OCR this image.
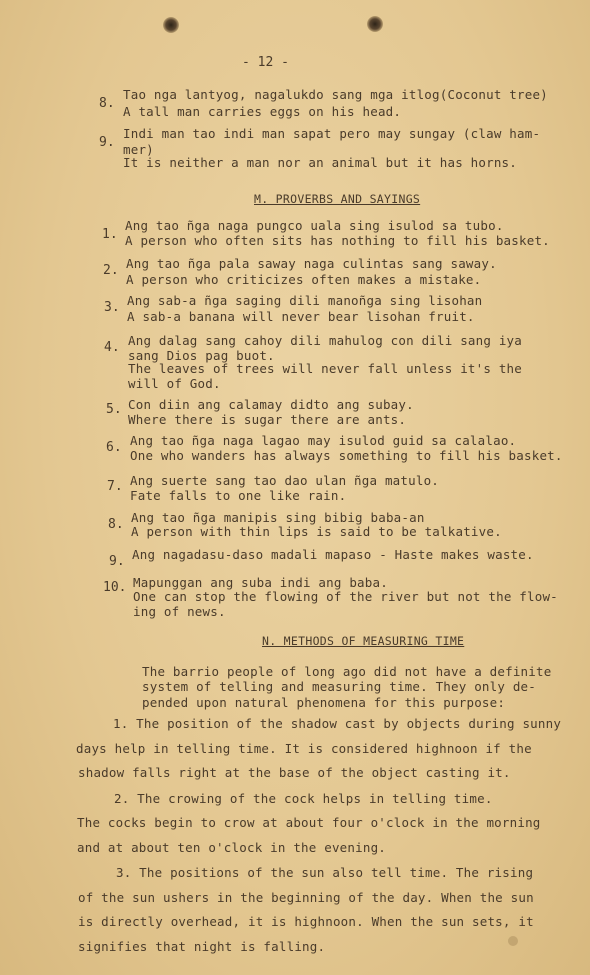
- 12 -
8.
Tao nga lantyog, nagalukdo sang mga itlog(Coconut tree)
A tall man carries eggs on his head.
9.
Indi man tao indi man sapat pero may sungay (claw ham-
mer)
It is neither a man nor an animal but it has horns.
M. PROVERBS AND SAYINGS
1.
Ang tao ñga naga pungco uala sing isulod sa tubo.
A person who often sits has nothing to fill his basket.
2. Ang tao ñga pala saway naga culintas sang saway.
A person who criticizes often makes a mistake.
3. Ang sab-a ñga saging dili manoñga sing lisohan
A sab-a banana will never bear lisohan fruit.
4. Ang dalag sang cahoy dili mahulog con dili sang iya
sang Dios pag buot.
The leaves of trees will never fall unless it's the
will of God.
5. Con diin ang calamay didto ang subay.
Where there is sugar there are ants.
6. Ang tao ñga naga lagao may isulod guid sa calalao.
One who wanders has always something to fill his basket.
7. Ang suerte sang tao dao ulan ñga matulo.
Fate falls to one like rain.
8. Ang tao ñga manipis sing bibig baba-an
A person with thin lips is said to be talkative.
9. Ang nagadasu-daso madali mapaso - Haste makes waste.
10. Mapunggan ang suba indi ang baba.
One can stop the flowing of the river but not the flow-
ing of news.
N. METHODS OF MEASURING TIME
The barrio people of long ago did not have a definite
system of telling and measuring time. They only de-
pended upon natural phenomena for this purpose:
1. The position of the shadow cast by objects during sunny
days help in telling time. It is considered highnoon if the
shadow falls right at the base of the object casting it.
2. The crowing of the cock helps in telling time.
The cocks begin to crow at about four o'clock in the morning
and at about ten o'clock in the evening.
3. The positions of the sun also tell time. The rising
of the sun ushers in the beginning of the day. When the sun
is directly overhead, it is highnoon. When the sun sets, it
signifies that night is falling.
